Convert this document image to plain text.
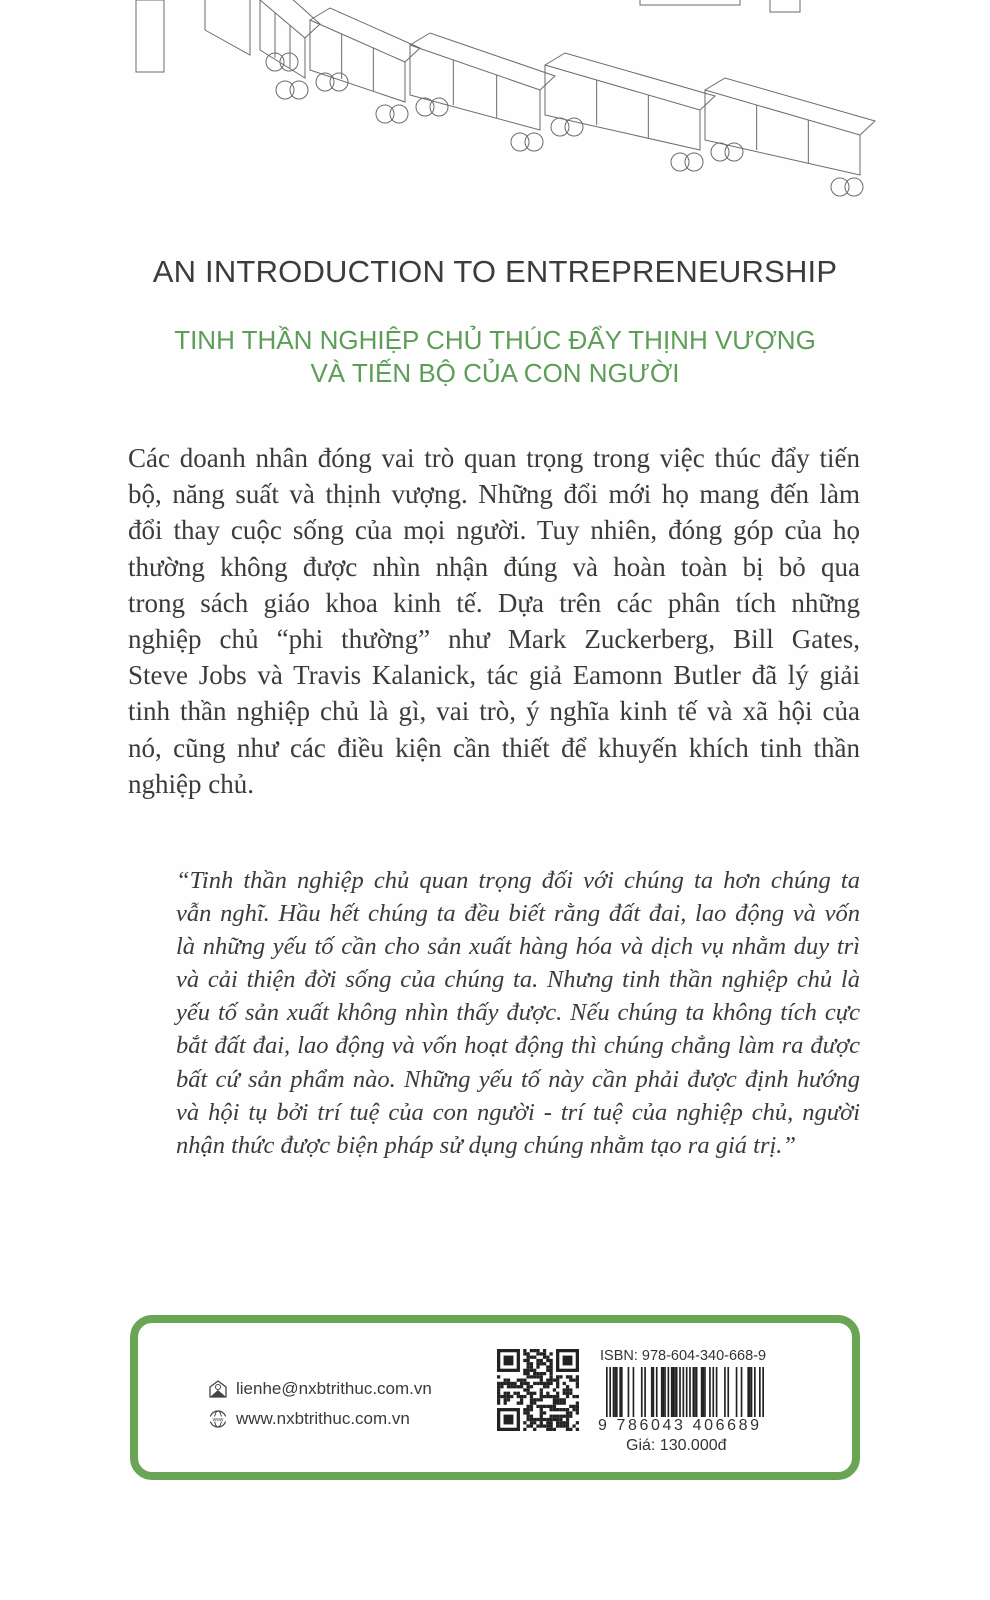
AN INTRODUCTION TO ENTREPRENEURSHIP
TINH THẦN NGHIỆP CHỦ THÚC ĐẨY THỊNH VƯỢNG
VÀ TIẾN BỘ CỦA CON NGƯỜI
Các doanh nhân đóng vai trò quan trọng trong việc thúc đẩy tiến
bộ, năng suất và thịnh vượng. Những đổi mới họ mang đến làm
đổi thay cuộc sống của mọi người. Tuy nhiên, đóng góp của họ
thường không được nhìn nhận đúng và hoàn toàn bị bỏ qua
trong sách giáo khoa kinh tế. Dựa trên các phân tích những
nghiệp chủ “phi thường” như Mark Zuckerberg, Bill Gates,
Steve Jobs và Travis Kalanick, tác giả Eamonn Butler đã lý giải
tinh thần nghiệp chủ là gì, vai trò, ý nghĩa kinh tế và xã hội của
nó, cũng như các điều kiện cần thiết để khuyến khích tinh thần
nghiệp chủ.
“Tinh thần nghiệp chủ quan trọng đối với chúng ta hơn chúng ta
vẫn nghĩ. Hầu hết chúng ta đều biết rằng đất đai, lao động và vốn
là những yếu tố cần cho sản xuất hàng hóa và dịch vụ nhằm duy trì
và cải thiện đời sống của chúng ta. Nhưng tinh thần nghiệp chủ là
yếu tố sản xuất không nhìn thấy được. Nếu chúng ta không tích cực
bắt đất đai, lao động và vốn hoạt động thì chúng chẳng làm ra được
bất cứ sản phẩm nào. Những yếu tố này cần phải được định hướng
và hội tụ bởi trí tuệ của con người - trí tuệ của nghiệp chủ, người
nhận thức được biện pháp sử dụng chúng nhằm tạo ra giá trị.”
lienhe@nxbtrithuc.com.vn
www www.nxbtrithuc.com.vn
ISBN: 978-604-340-668-9
9 786043 406689
Giá: 130.000đ
